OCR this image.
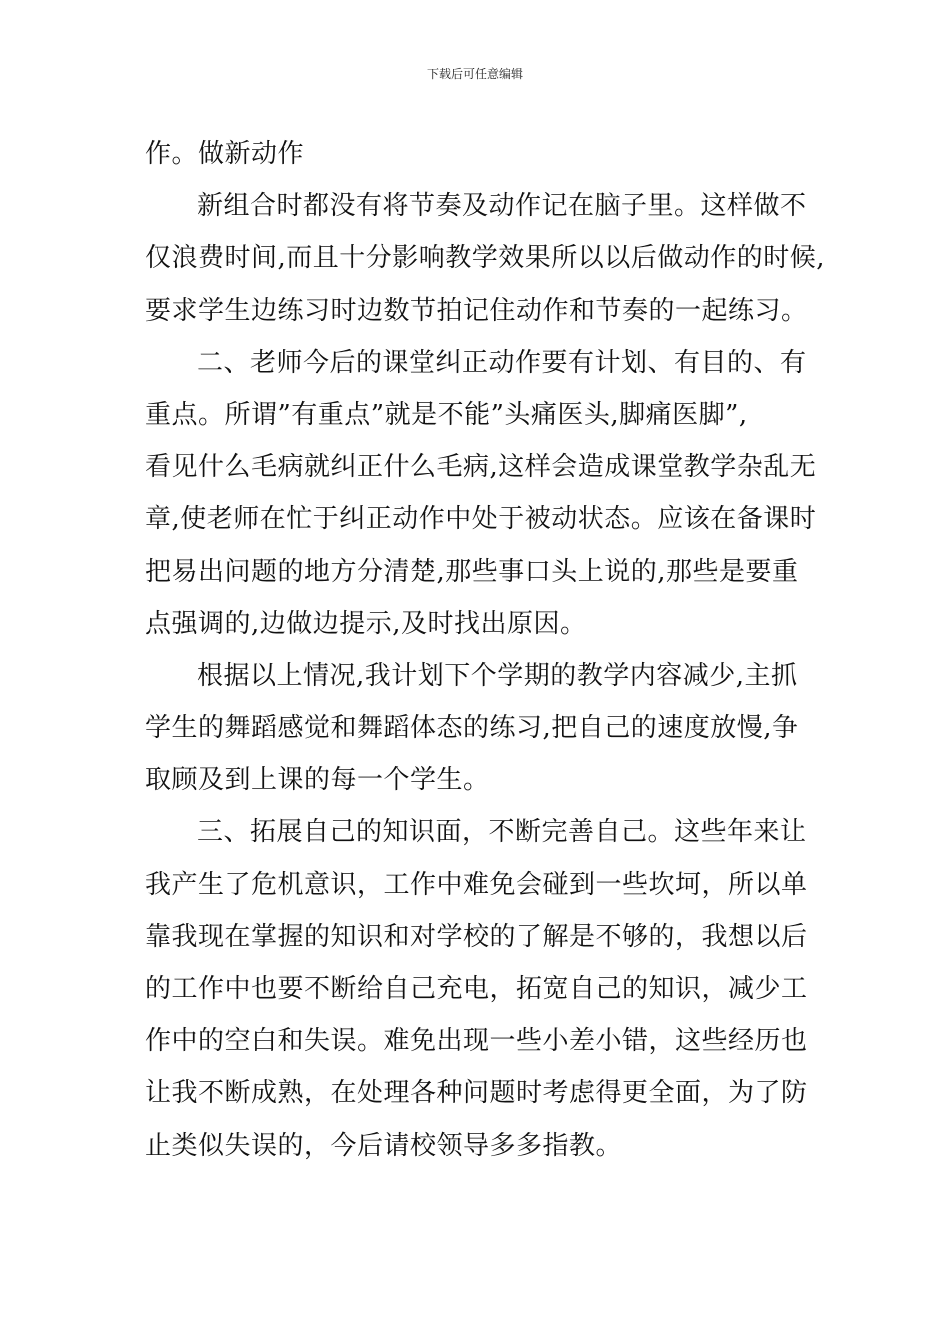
下载后可任意编辑
作。做新动作
新组合时都没有将节奏及动作记在脑子里。这样做不
仅浪费时间,而且十分影响教学效果所以以后做动作的时候,
要求学生边练习时边数节拍记住动作和节奏的一起练习。
二、老师今后的课堂纠正动作要有计划、有目的、有
重点。所谓”有重点”就是不能”头痛医头,脚痛医脚”,
看见什么毛病就纠正什么毛病,这样会造成课堂教学杂乱无
章,使老师在忙于纠正动作中处于被动状态。应该在备课时
把易出问题的地方分清楚,那些事口头上说的,那些是要重
点强调的,边做边提示,及时找出原因。
根据以上情况,我计划下个学期的教学内容减少,主抓
学生的舞蹈感觉和舞蹈体态的练习,把自己的速度放慢,争
取顾及到上课的每一个学生。
三、拓展自己的知识面，不断完善自己。这些年来让
我产生了危机意识，工作中难免会碰到一些坎坷，所以单
靠我现在掌握的知识和对学校的了解是不够的，我想以后
的工作中也要不断给自己充电，拓宽自己的知识，减少工
作中的空白和失误。难免出现一些小差小错，这些经历也
让我不断成熟，在处理各种问题时考虑得更全面，为了防
止类似失误的，今后请校领导多多指教。
